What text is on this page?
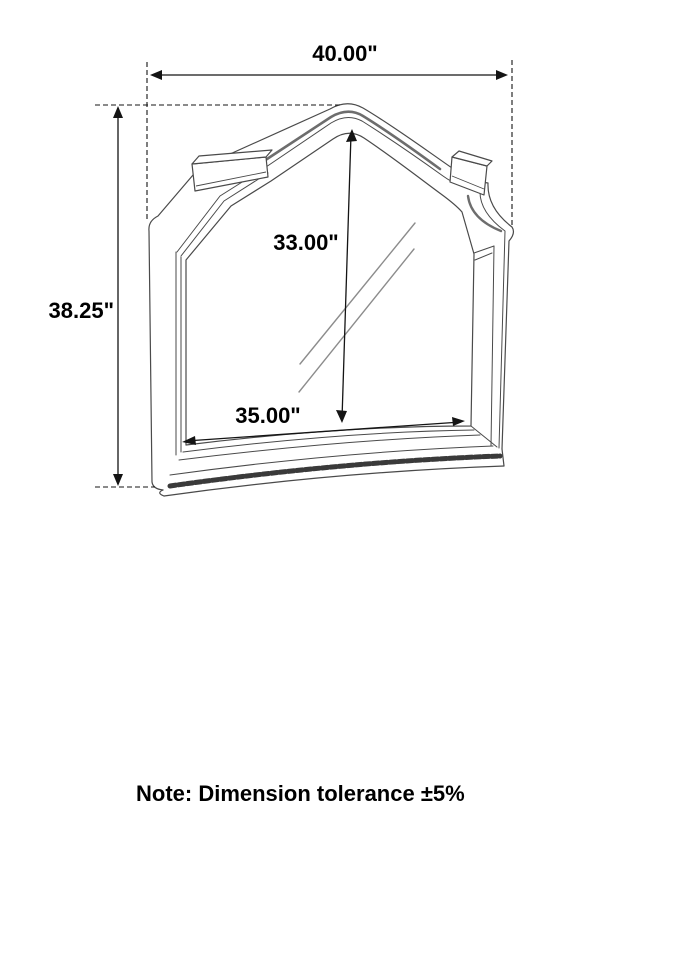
40.00"
38.25"
33.00"
35.00"
Note: Dimension tolerance ±5%
